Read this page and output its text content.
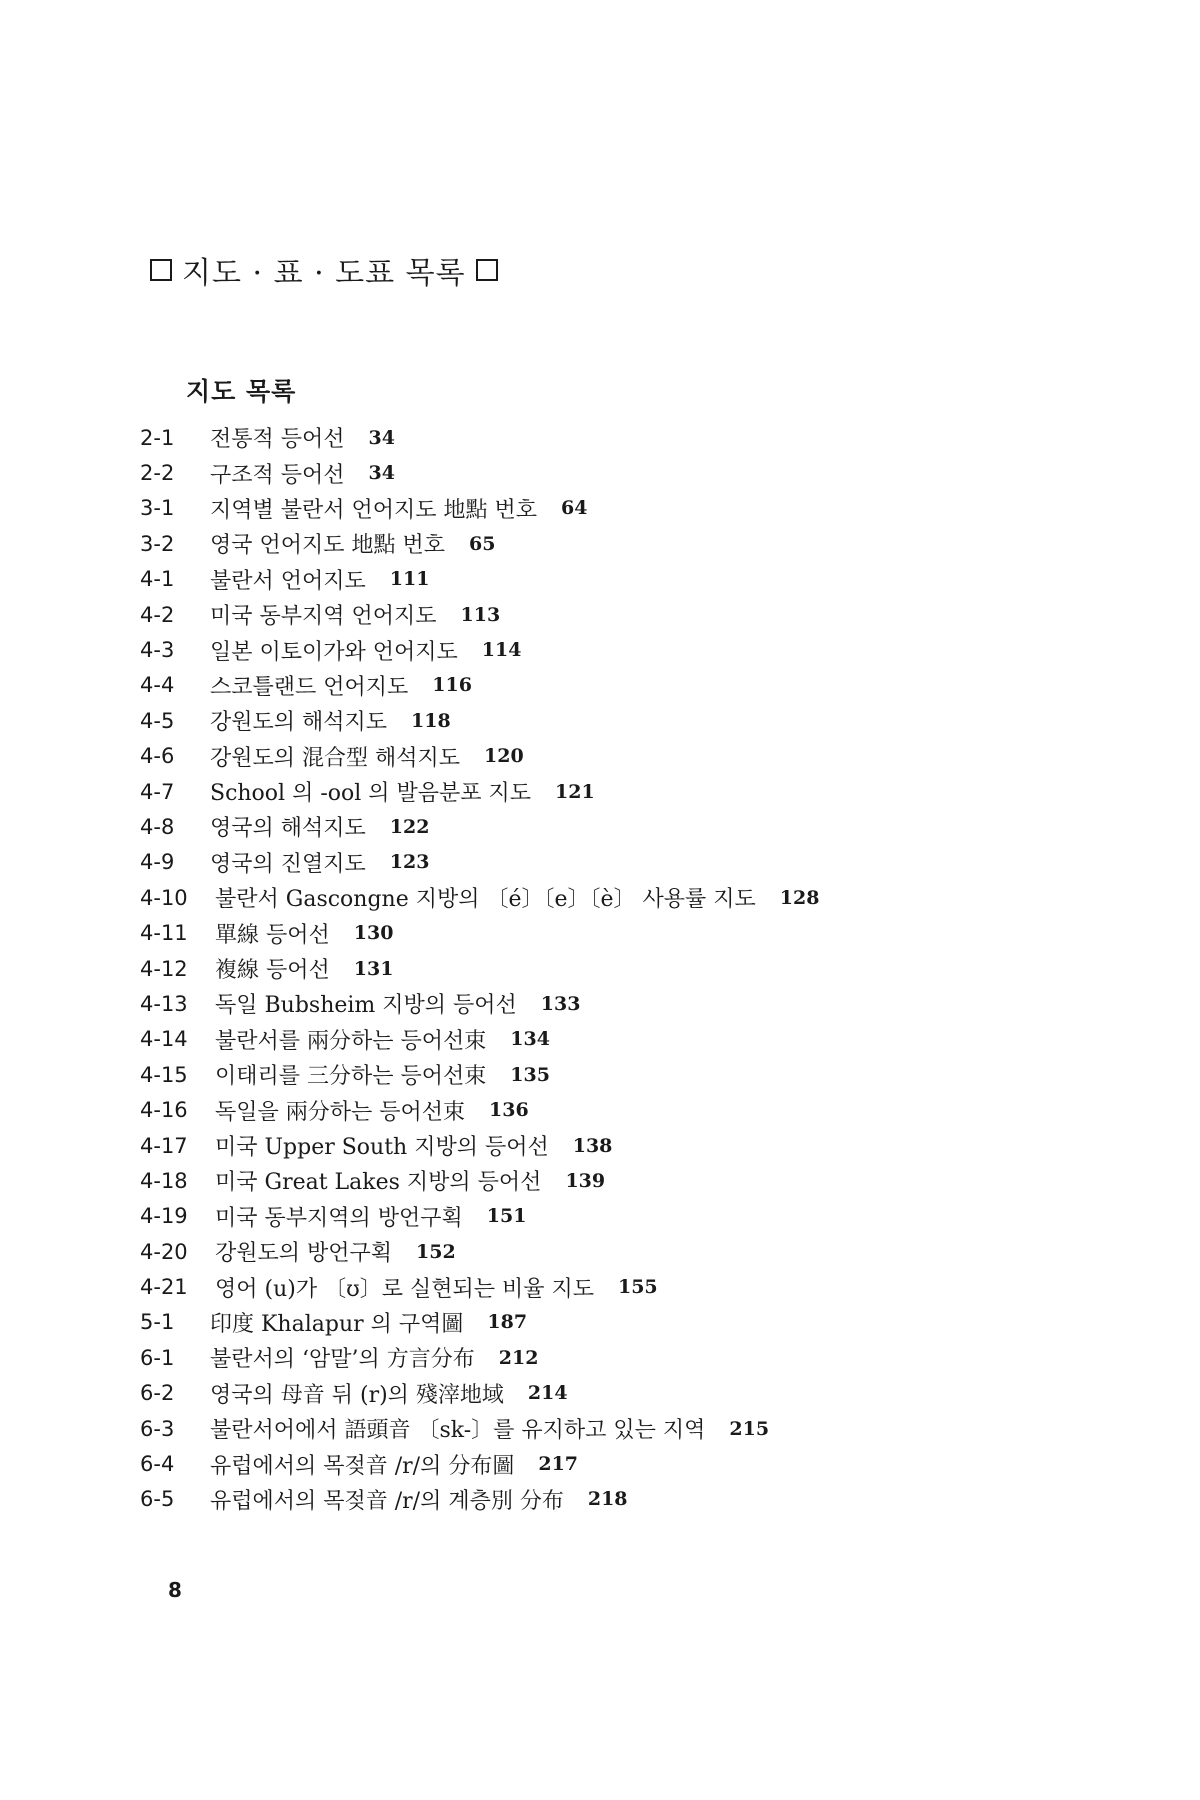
지도 · 표 · 도표 목록
지도 목록
2-1	전통적 등어선 34
2-2	구조적 등어선 34
3-1	지역별 불란서 언어지도 地點 번호 64
3-2	영국 언어지도 地點 번호 65
4-1	불란서 언어지도 111
4-2	미국 동부지역 언어지도 113
4-3	일본 이토이가와 언어지도 114
4-4	스코틀랜드 언어지도 116
4-5	강원도의 해석지도 118
4-6	강원도의 混合型 해석지도 120
4-7	School 의 -ool 의 발음분포 지도 121
4-8	영국의 해석지도 122
4-9	영국의 진열지도 123
4-10	불란서 Gascongne 지방의 〔é〕〔e〕〔è〕 사용률 지도 128
4-11	單線 등어선 130
4-12	複線 등어선 131
4-13	독일 Bubsheim 지방의 등어선 133
4-14	불란서를 兩分하는 등어선束 134
4-15	이태리를 三分하는 등어선束 135
4-16	독일을 兩分하는 등어선束 136
4-17	미국 Upper South 지방의 등어선 138
4-18	미국 Great Lakes 지방의 등어선 139
4-19	미국 동부지역의 방언구획 151
4-20	강원도의 방언구획 152
4-21	영어 (u)가 〔ʊ〕로 실현되는 비율 지도 155
5-1	印度 Khalapur 의 구역圖 187
6-1	불란서의 ‘암말’의 方言分布 212
6-2	영국의 母音 뒤 (r)의 殘滓地域 214
6-3	불란서어에서 語頭音 〔sk-〕를 유지하고 있는 지역 215
6-4	유럽에서의 목젖音 /r/의 分布圖 217
6-5	유럽에서의 목젖音 /r/의 계층別 分布 218
8
